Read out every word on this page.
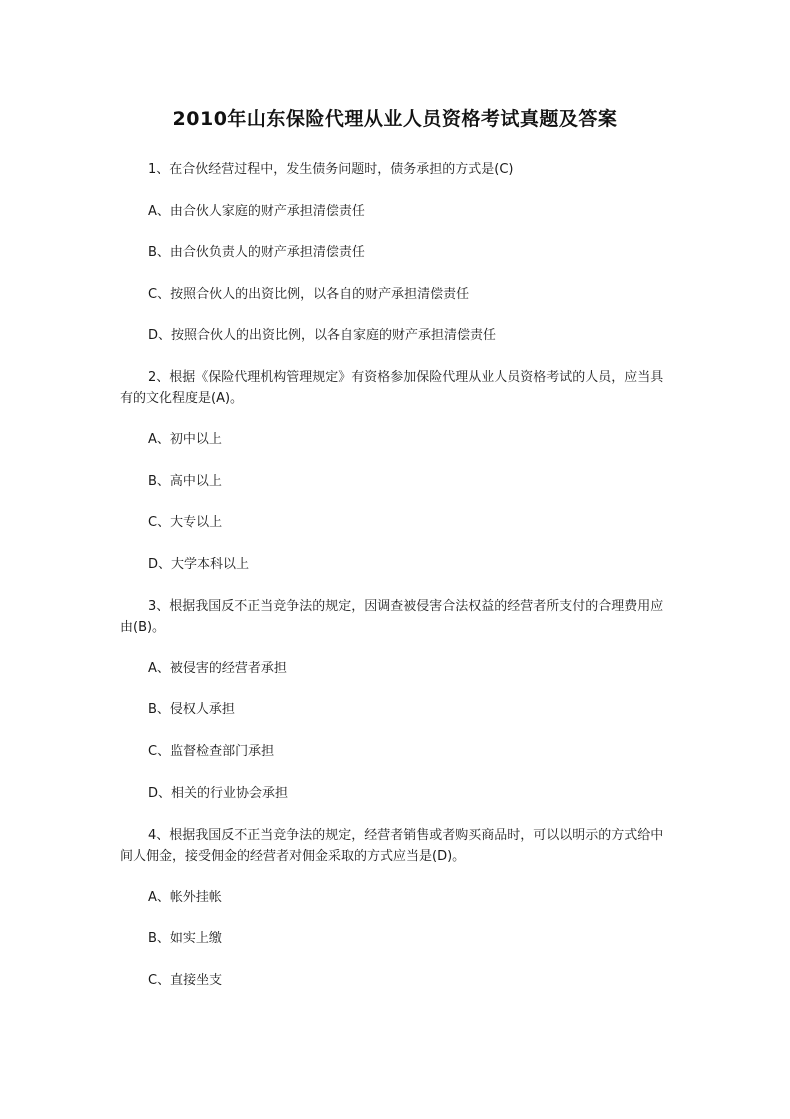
2010年山东保险代理从业人员资格考试真题及答案
1、在合伙经营过程中，发生债务问题时，债务承担的方式是(C)
A、由合伙人家庭的财产承担清偿责任
B、由合伙负责人的财产承担清偿责任
C、按照合伙人的出资比例，以各自的财产承担清偿责任
D、按照合伙人的出资比例，以各自家庭的财产承担清偿责任
2、根据《保险代理机构管理规定》有资格参加保险代理从业人员资格考试的人员，应当具有的文化程度是(A)。
A、初中以上
B、高中以上
C、大专以上
D、大学本科以上
3、根据我国反不正当竞争法的规定，因调查被侵害合法权益的经营者所支付的合理费用应由(B)。
A、被侵害的经营者承担
B、侵权人承担
C、监督检查部门承担
D、相关的行业协会承担
4、根据我国反不正当竞争法的规定，经营者销售或者购买商品时，可以以明示的方式给中间人佣金，接受佣金的经营者对佣金采取的方式应当是(D)。
A、帐外挂帐
B、如实上缴
C、直接坐支
